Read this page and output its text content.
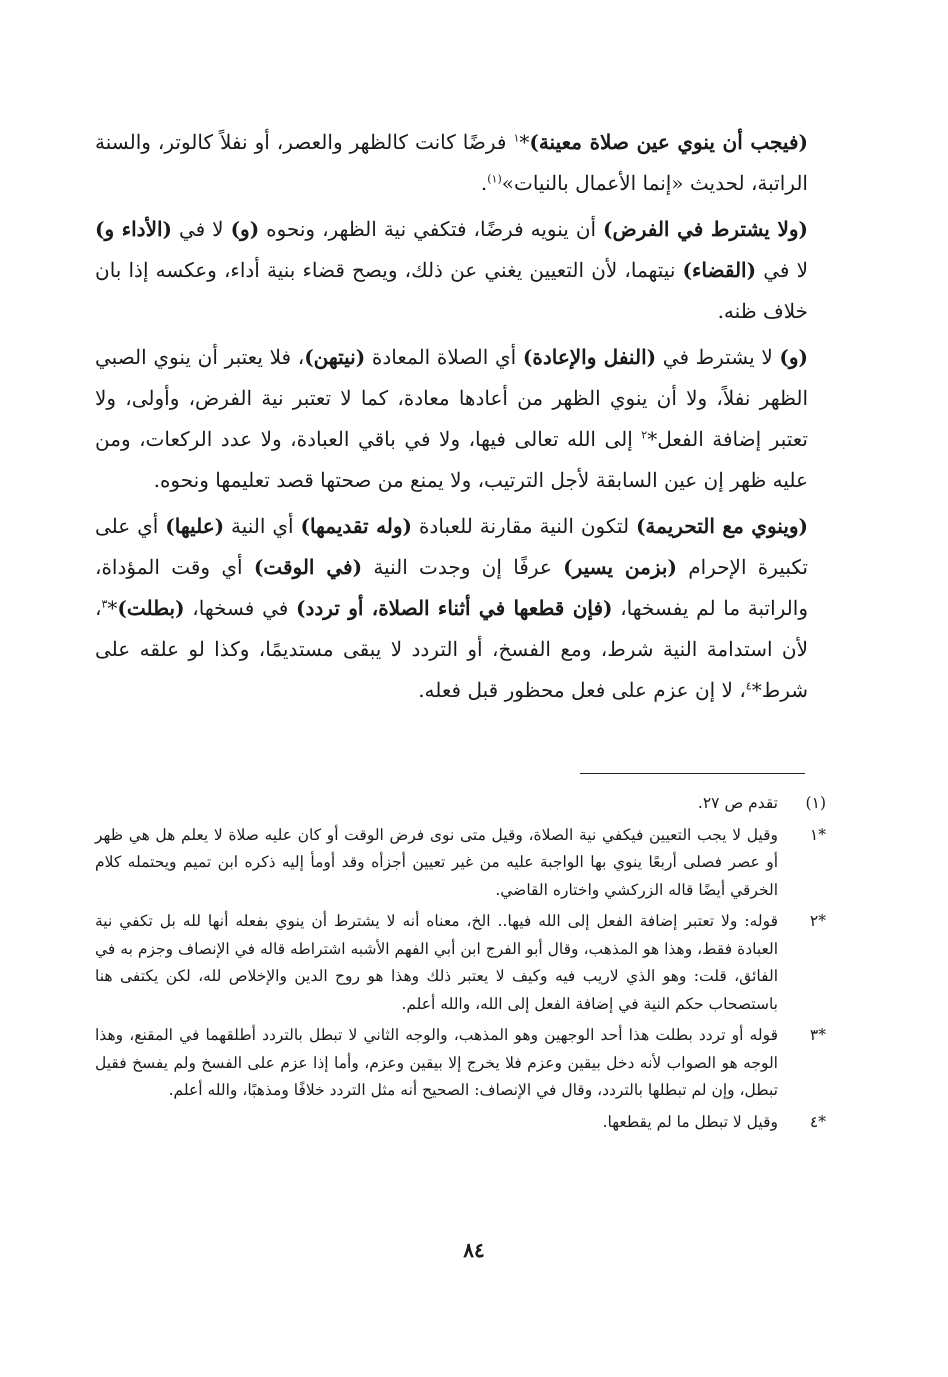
(فيجب أن ينوي عين صلاة معينة)*$^١$ فرضًا كانت كالظهر والعصر، أو نفلاً كالوتر، والسنة الراتبة، لحديث «إنما الأعمال بالنيات»$^{(١)}$.

(ولا يشترط في الفرض) أن ينويه فرضًا، فتكفي نية الظهر، ونحوه (و) لا في (الأداء و) لا في (القضاء) نيتهما، لأن التعيين يغني عن ذلك، ويصح قضاء بنية أداء، وعكسه إذا بان خلاف ظنه.

(و) لا يشترط في (النفل والإعادة) أي الصلاة المعادة (نيتهن)، فلا يعتبر أن ينوي الصبي الظهر نفلاً، ولا أن ينوي الظهر من أعادها معادة، كما لا تعتبر نية الفرض، وأولى، ولا تعتبر إضافة الفعل*$^٢$ إلى الله تعالى فيها، ولا في باقي العبادة، ولا عدد الركعات، ومن عليه ظهر إن عين السابقة لأجل الترتيب، ولا يمنع من صحتها قصد تعليمها ونحوه.

(وينوي مع التحريمة) لتكون النية مقارنة للعبادة (وله تقديمها) أي النية (عليها) أي على تكبيرة الإحرام (بزمن يسير) عرفًا إن وجدت النية (في الوقت) أي وقت المؤداة، والراتبة ما لم يفسخها، (فإن قطعها في أثناء الصلاة، أو تردد) في فسخها، (بطلت)*$^٣$، لأن استدامة النية شرط، ومع الفسخ، أو التردد لا يبقى مستديمًا، وكذا لو علقه على شرط*$^٤$، لا إن عزم على فعل محظور قبل فعله.

(١)
تقدم ص ٢٧.
*١
وقيل لا يجب التعيين فيكفي نية الصلاة، وقيل متى نوى فرض الوقت أو كان عليه صلاة لا يعلم هل هي ظهر أو عصر فصلى أربعًا ينوي بها الواجبة عليه من غير تعيين أجزأه وقد أومأ إليه ذكره ابن تميم ويحتمله كلام الخرقي أيضًا قاله الزركشي واختاره القاضي.
*٢
قوله: ولا تعتبر إضافة الفعل إلى الله فيها.. الخ، معناه أنه لا يشترط أن ينوي بفعله أنها لله بل تكفي نية العبادة فقط، وهذا هو المذهب، وقال أبو الفرج ابن أبي الفهم الأشبه اشتراطه قاله في الإنصاف وجزم به في الفائق، قلت: وهو الذي لاريب فيه وكيف لا يعتبر ذلك وهذا هو روح الدين والإخلاص لله، لكن يكتفى هنا باستصحاب حكم النية في إضافة الفعل إلى الله، والله أعلم.
*٣
قوله أو تردد بطلت هذا أحد الوجهين وهو المذهب، والوجه الثاني لا تبطل بالتردد أطلقهما في المقنع، وهذا الوجه هو الصواب لأنه دخل بيقين وعزم فلا يخرج إلا بيقين وعزم، وأما إذا عزم على الفسخ ولم يفسخ فقيل تبطل، وإن لم تبطلها بالتردد، وقال في الإنصاف: الصحيح أنه مثل التردد خلافًا ومذهبًا، والله أعلم.
*٤
وقيل لا تبطل ما لم يقطعها.
٨٤
